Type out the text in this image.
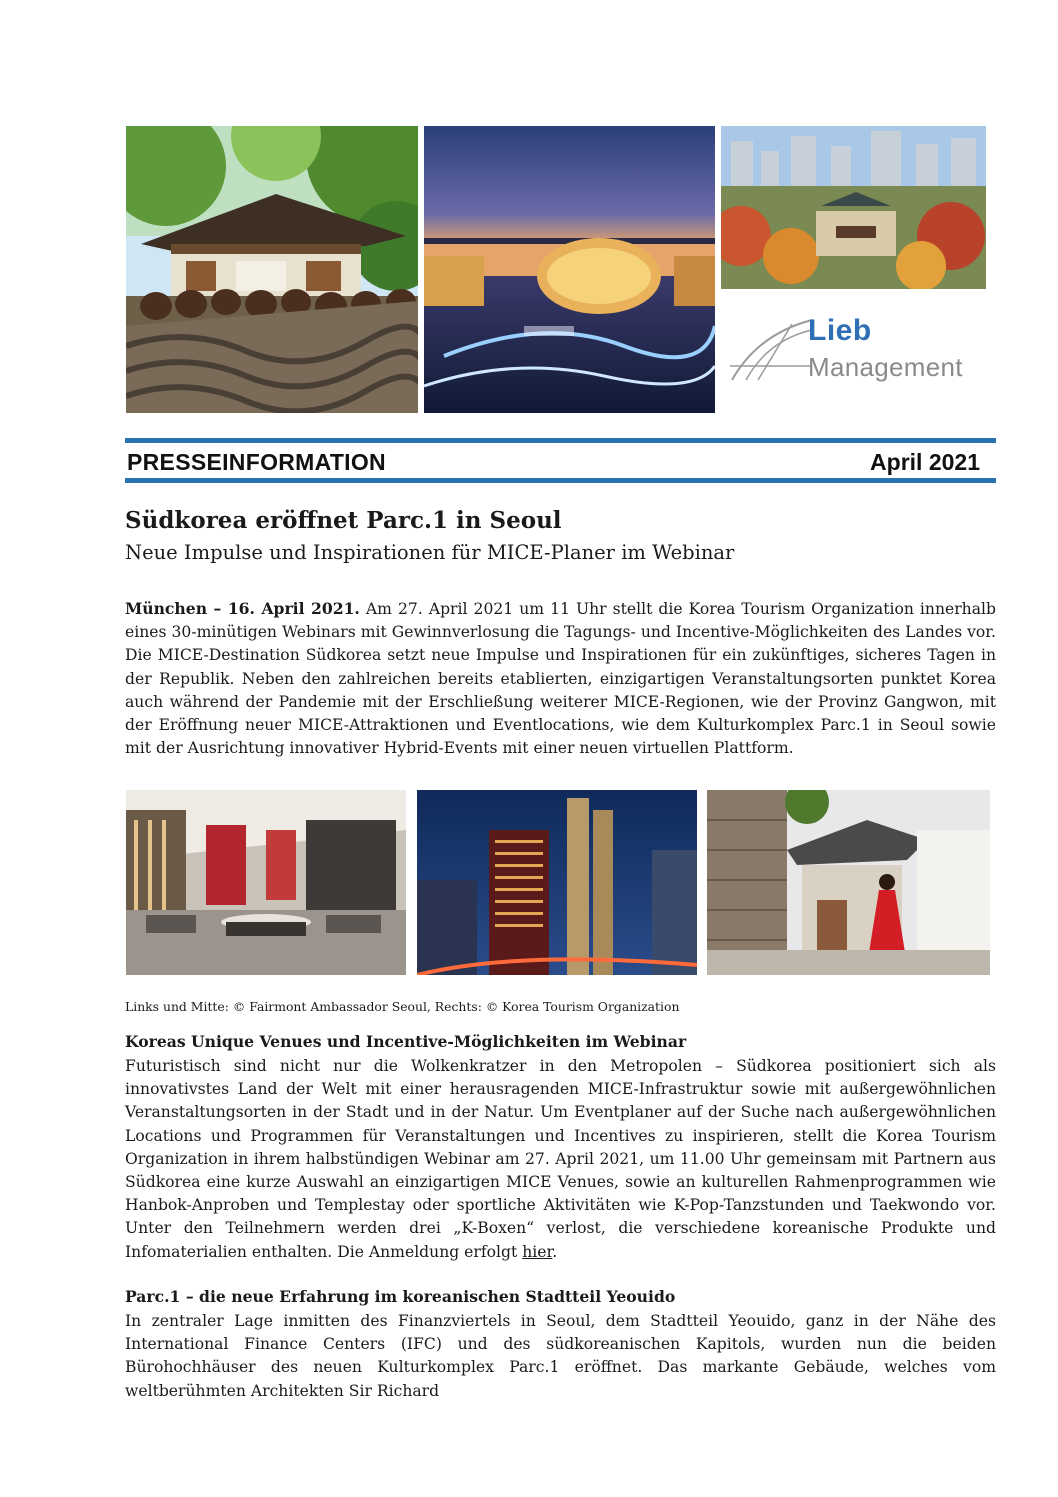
Lieb
Management
PRESSEINFORMATION	April 2021
Südkorea eröffnet Parc.1 in Seoul
Neue Impulse und Inspirationen für MICE-Planer im Webinar
München – 16. April 2021. Am 27. April 2021 um 11 Uhr stellt die Korea Tourism Organization innerhalb eines 30-minütigen Webinars mit Gewinnverlosung die Tagungs- und Incentive-Möglichkeiten des Landes vor. Die MICE-Destination Südkorea setzt neue Impulse und Inspirationen für ein zukünftiges, sicheres Tagen in der Republik. Neben den zahlreichen bereits etablierten, einzigartigen Veranstaltungsorten punktet Korea auch während der Pandemie mit der Erschließung weiterer MICE-Regionen, wie der Provinz Gangwon, mit der Eröffnung neuer MICE-Attraktionen und Eventlocations, wie dem Kulturkomplex Parc.1 in Seoul sowie mit der Ausrichtung innovativer Hybrid-Events mit einer neuen virtuellen Plattform.
Links und Mitte: © Fairmont Ambassador Seoul, Rechts: © Korea Tourism Organization
Koreas Unique Venues und Incentive-Möglichkeiten im Webinar
Futuristisch sind nicht nur die Wolkenkratzer in den Metropolen – Südkorea positioniert sich als innovativstes Land der Welt mit einer herausragenden MICE-Infrastruktur sowie mit außergewöhnlichen Veranstaltungsorten in der Stadt und in der Natur. Um Eventplaner auf der Suche nach außergewöhnlichen Locations und Programmen für Veranstaltungen und Incentives zu inspirieren, stellt die Korea Tourism Organization in ihrem halbstündigen Webinar am 27. April 2021, um 11.00 Uhr gemeinsam mit Partnern aus Südkorea eine kurze Auswahl an einzigartigen MICE Venues, sowie an kulturellen Rahmenprogrammen wie Hanbok-Anproben und Templestay oder sportliche Aktivitäten wie K-Pop-Tanzstunden und Taekwondo vor. Unter den Teilnehmern werden drei „K-Boxen“ verlost, die verschiedene koreanische Produkte und Infomaterialien enthalten. Die Anmeldung erfolgt hier.
Parc.1 – die neue Erfahrung im koreanischen Stadtteil Yeouido
In zentraler Lage inmitten des Finanzviertels in Seoul, dem Stadtteil Yeouido, ganz in der Nähe des International Finance Centers (IFC) und des südkoreanischen Kapitols, wurden nun die beiden Bürohochhäuser des neuen Kulturkomplex Parc.1 eröffnet. Das markante Gebäude, welches vom weltberühmten Architekten Sir Richard
